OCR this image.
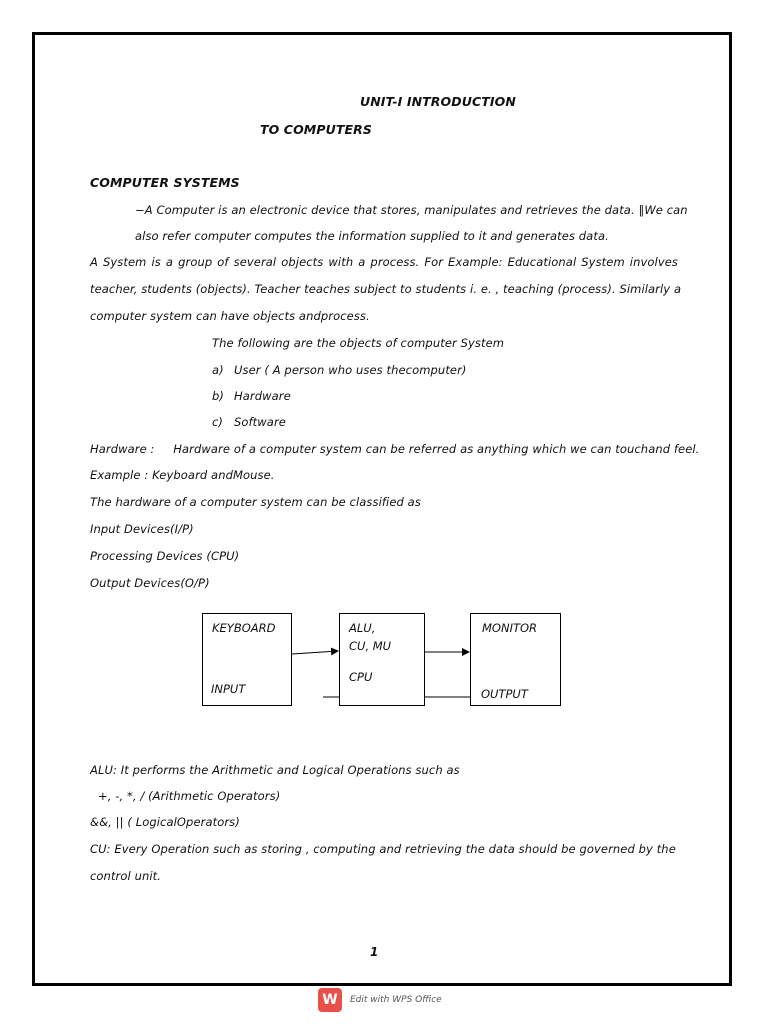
UNIT-I INTRODUCTION
TO COMPUTERS
COMPUTER SYSTEMS
−A Computer is an electronic device that stores, manipulates and retrieves the data. ‖We can
also refer computer computes the information supplied to it and generates data.
A System is a group of several objects with a process. For Example: Educational System involves
teacher, students (objects). Teacher teaches subject to students i. e. , teaching (process). Similarly a
computer system can have objects andprocess.
The following are the objects of computer System
a) User ( A person who uses thecomputer)
b) Hardware
c) Software
Hardware :     Hardware of a computer system can be referred as anything which we can touchand feel.
Example : Keyboard andMouse.
The hardware of a computer system can be classified as
Input Devices(I/P)
Processing Devices (CPU)
Output Devices(O/P)
KEYBOARD
INPUT
ALU,
CU, MU
CPU
MONITOR
OUTPUT
ALU: It performs the Arithmetic and Logical Operations such as
+, -, *, / (Arithmetic Operators)
&&, || ( LogicalOperators)
CU: Every Operation such as storing , computing and retrieving the data should be governed by the
control unit.
1
W	Edit with WPS Office
